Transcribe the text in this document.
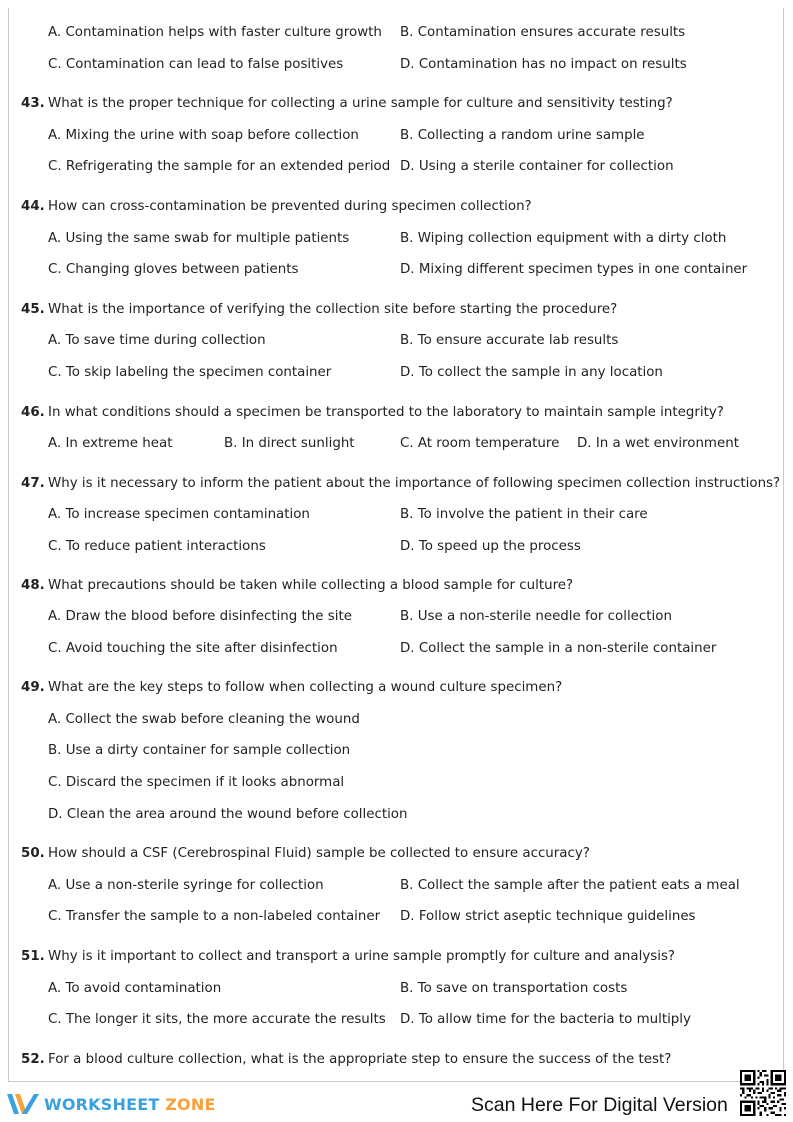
A. Contamination helps with faster culture growth B. Contamination ensures accurate results
C. Contamination can lead to false positives	D. Contamination has no impact on results
43. What is the proper technique for collecting a urine sample for culture and sensitivity testing?
A. Mixing the urine with soap before collection	B. Collecting a random urine sample
C. Refrigerating the sample for an extended period D. Using a sterile container for collection
44. How can cross-contamination be prevented during specimen collection?
A. Using the same swab for multiple patients	B. Wiping collection equipment with a dirty cloth
C. Changing gloves between patients	D. Mixing different specimen types in one container
45. What is the importance of verifying the collection site before starting the procedure?
A. To save time during collection	B. To ensure accurate lab results
C. To skip labeling the specimen container	D. To collect the sample in any location
46. In what conditions should a specimen be transported to the laboratory to maintain sample integrity?
A. In extreme heat	B. In direct sunlight	C. At room temperature D. In a wet environment
47. Why is it necessary to inform the patient about the importance of following specimen collection instructions?
A. To increase specimen contamination	B. To involve the patient in their care
C. To reduce patient interactions	D. To speed up the process
48. What precautions should be taken while collecting a blood sample for culture?
A. Draw the blood before disinfecting the site	B. Use a non-sterile needle for collection
C. Avoid touching the site after disinfection	D. Collect the sample in a non-sterile container
49. What are the key steps to follow when collecting a wound culture specimen?
A. Collect the swab before cleaning the wound
B. Use a dirty container for sample collection
C. Discard the specimen if it looks abnormal
D. Clean the area around the wound before collection
50. How should a CSF (Cerebrospinal Fluid) sample be collected to ensure accuracy?
A. Use a non-sterile syringe for collection	B. Collect the sample after the patient eats a meal
C. Transfer the sample to a non-labeled container D. Follow strict aseptic technique guidelines
51. Why is it important to collect and transport a urine sample promptly for culture and analysis?
A. To avoid contamination	B. To save on transportation costs
C. The longer it sits, the more accurate the results D. To allow time for the bacteria to multiply
52. For a blood culture collection, what is the appropriate step to ensure the success of the test?
WORKSHEET ZONE	Scan Here For Digital Version
